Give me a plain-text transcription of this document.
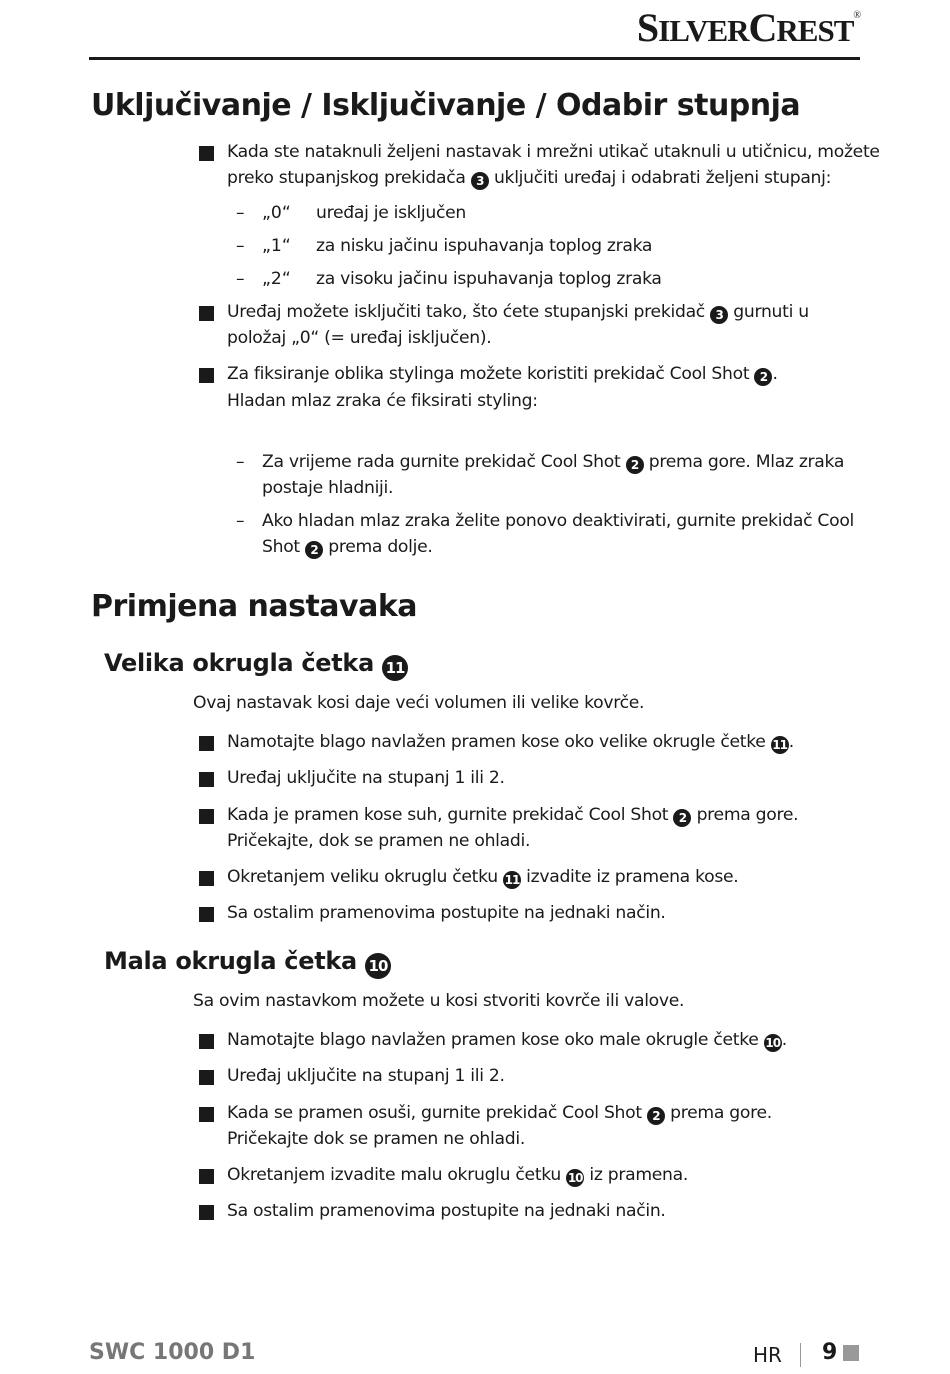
SILVERCREST®
Uključivanje / Isključivanje / Odabir stupnja
Kada ste nataknuli željeni nastavak i mrežni utikač utaknuli u utičnicu, možete
preko stupanjskog prekidača 3 uključiti uređaj i odabrati željeni stupanj:
– „0“ uređaj je isključen
– „1“ za nisku jačinu ispuhavanja toplog zraka
– „2“ za visoku jačinu ispuhavanja toplog zraka
Uređaj možete isključiti tako, što ćete stupanjski prekidač 3 gurnuti u
položaj „0“ (= uređaj isključen).
Za fiksiranje oblika stylinga možete koristiti prekidač Cool Shot 2 .
Hladan mlaz zraka će fiksirati styling:
– Za vrijeme rada gurnite prekidač Cool Shot 2 prema gore. Mlaz zraka
postaje hladniji.
– Ako hladan mlaz zraka želite ponovo deaktivirati, gurnite prekidač Cool
Shot 2 prema dolje.
Primjena nastavaka
Velika okrugla četka 11
Ovaj nastavak kosi daje veći volumen ili velike kovrče.
Namotajte blago navlažen pramen kose oko velike okrugle četke 11.
Uređaj uključite na stupanj 1 ili 2.
Kada je pramen kose suh, gurnite prekidač Cool Shot 2 prema gore.
Pričekajte, dok se pramen ne ohladi.
Okretanjem veliku okruglu četku 11 izvadite iz pramena kose.
Sa ostalim pramenovima postupite na jednaki način.
Mala okrugla četka 10
Sa ovim nastavkom možete u kosi stvoriti kovrče ili valove.
Namotajte blago navlažen pramen kose oko male okrugle četke 10.
Uređaj uključite na stupanj 1 ili 2.
Kada se pramen osuši, gurnite prekidač Cool Shot 2 prema gore.
Pričekajte dok se pramen ne ohladi.
Okretanjem izvadite malu okruglu četku 10 iz pramena.
Sa ostalim pramenovima postupite na jednaki način.
SWC 1000 D1	HR 9
